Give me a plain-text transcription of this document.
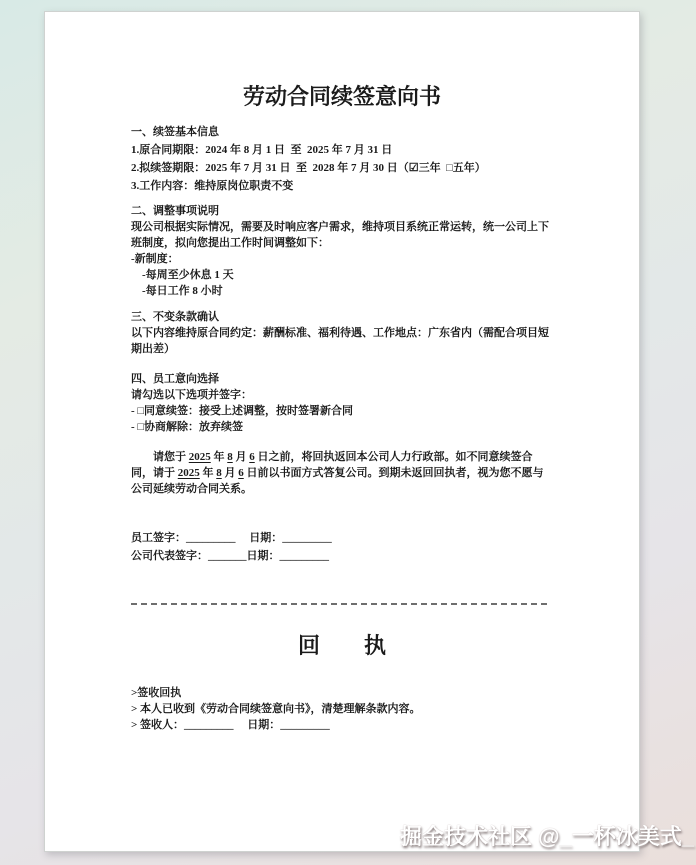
劳动合同续签意向书
一、续签基本信息
1.原合同期限：2024 年 8 月 1 日  至  2025 年 7 月 31 日
2.拟续签期限：2025 年 7 月 31 日  至  2028 年 7 月 30 日（☑三年  □五年）
3.工作内容：维持原岗位职责不变
二、调整事项说明

现公司根据实际情况，需要及时响应客户需求，维持项目系统正常运转，统一公司上下班制度，拟向您提出工作时间调整如下：

-新制度：
-每周至少休息 1 天
-每日工作 8 小时
三、不变条款确认

以下内容维持原合同约定：薪酬标准、福利待遇、工作地点：广东省内（需配合项目短期出差）

四、员工意向选择
请勾选以下选项并签字：
- □同意续签：接受上述调整，按时签署新合同
- □协商解除：放弃续签

请您于 2025 年 8 月 6 日之前，将回执返回本公司人力行政部。如不同意续签合同，请于 2025 年 8 月 6 日前以书面方式答复公司。到期未返回回执者，视为您不愿与公司延续劳动合同关系。

员工签字：_________　 日期：_________
公司代表签字：_______日期：_________
回　　执
>签收回执
> 本人已收到《劳动合同续签意向书》，清楚理解条款内容。
> 签收人：_________　 日期：_________
掘金技术社区 @_一杯冰美式_
